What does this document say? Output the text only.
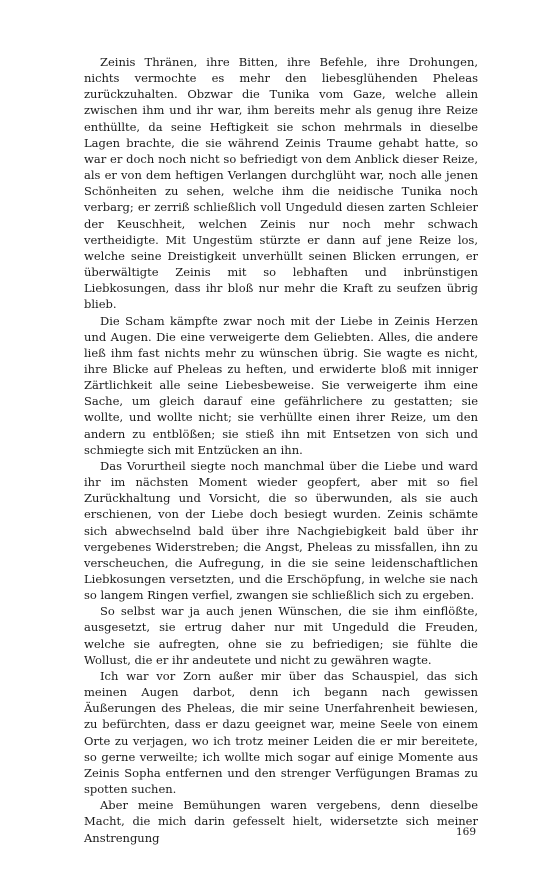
Zeinis Thränen, ihre Bitten, ihre Befehle, ihre Drohungen, nichts vermochte es mehr den liebesglühenden Pheleas zurückzuhalten. Obzwar die Tunika vom Gaze, welche allein zwischen ihm und ihr war, ihm bereits mehr als genug ihre Reize enthüllte, da seine Heftigkeit sie schon mehrmals in dieselbe Lagen brachte, die sie während Zeinis Traume gehabt hatte, so war er doch noch nicht so befriedigt von dem Anblick dieser Reize, als er von dem heftigen Verlangen durchglüht war, noch alle jenen Schönheiten zu sehen, welche ihm die neidische Tunika noch verbarg; er zerriß schließlich voll Ungeduld diesen zarten Schleier der Keuschheit, welchen Zeinis nur noch mehr schwach vertheidigte. Mit Ungestüm stürzte er dann auf jene Reize los, welche seine Dreistigkeit unverhüllt seinen Blicken errungen, er überwältigte Zeinis mit so lebhaften und inbrünstigen Liebkosungen, dass ihr bloß nur mehr die Kraft zu seufzen übrig blieb.

Die Scham kämpfte zwar noch mit der Liebe in Zeinis Herzen und Augen. Die eine verweigerte dem Geliebten. Alles, die andere ließ ihm fast nichts mehr zu wünschen übrig. Sie wagte es nicht, ihre Blicke auf Pheleas zu heften, und erwiderte bloß mit inniger Zärtlichkeit alle seine Liebesbeweise. Sie verweigerte ihm eine Sache, um gleich darauf eine gefährlichere zu gestatten; sie wollte, und wollte nicht; sie verhüllte einen ihrer Reize, um den andern zu entblößen; sie stieß ihn mit Entsetzen von sich und schmiegte sich mit Entzücken an ihn.

Das Vorurtheil siegte noch manchmal über die Liebe und ward ihr im nächsten Moment wieder geopfert, aber mit so fiel Zurückhaltung und Vorsicht, die so überwunden, als sie auch erschienen, von der Liebe doch besiegt wurden. Zeinis schämte sich abwechselnd bald über ihre Nachgiebigkeit bald über ihr vergebenes Widerstreben; die Angst, Pheleas zu missfallen, ihn zu verscheuchen, die Aufregung, in die sie seine leidenschaftlichen Liebkosungen versetzten, und die Erschöpfung, in welche sie nach so langem Ringen verfiel, zwangen sie schließlich sich zu ergeben.

So selbst war ja auch jenen Wünschen, die sie ihm einflößte, ausgesetzt, sie ertrug daher nur mit Ungeduld die Freuden, welche sie aufregten, ohne sie zu befriedigen; sie fühlte die Wollust, die er ihr andeutete und nicht zu gewähren wagte.

Ich war vor Zorn außer mir über das Schauspiel, das sich meinen Augen darbot, denn ich begann nach gewissen Äußerungen des Pheleas, die mir seine Unerfahrenheit bewiesen, zu befürchten, dass er dazu geeignet war, meine Seele von einem Orte zu verjagen, wo ich trotz meiner Leiden die er mir bereitete, so gerne verweilte; ich wollte mich sogar auf einige Momente aus Zeinis Sopha entfernen und den strenger Verfügungen Bramas zu spotten suchen.

Aber meine Bemühungen waren vergebens, denn dieselbe Macht, die mich darin gefesselt hielt, widersetzte sich meiner Anstrengung	169
